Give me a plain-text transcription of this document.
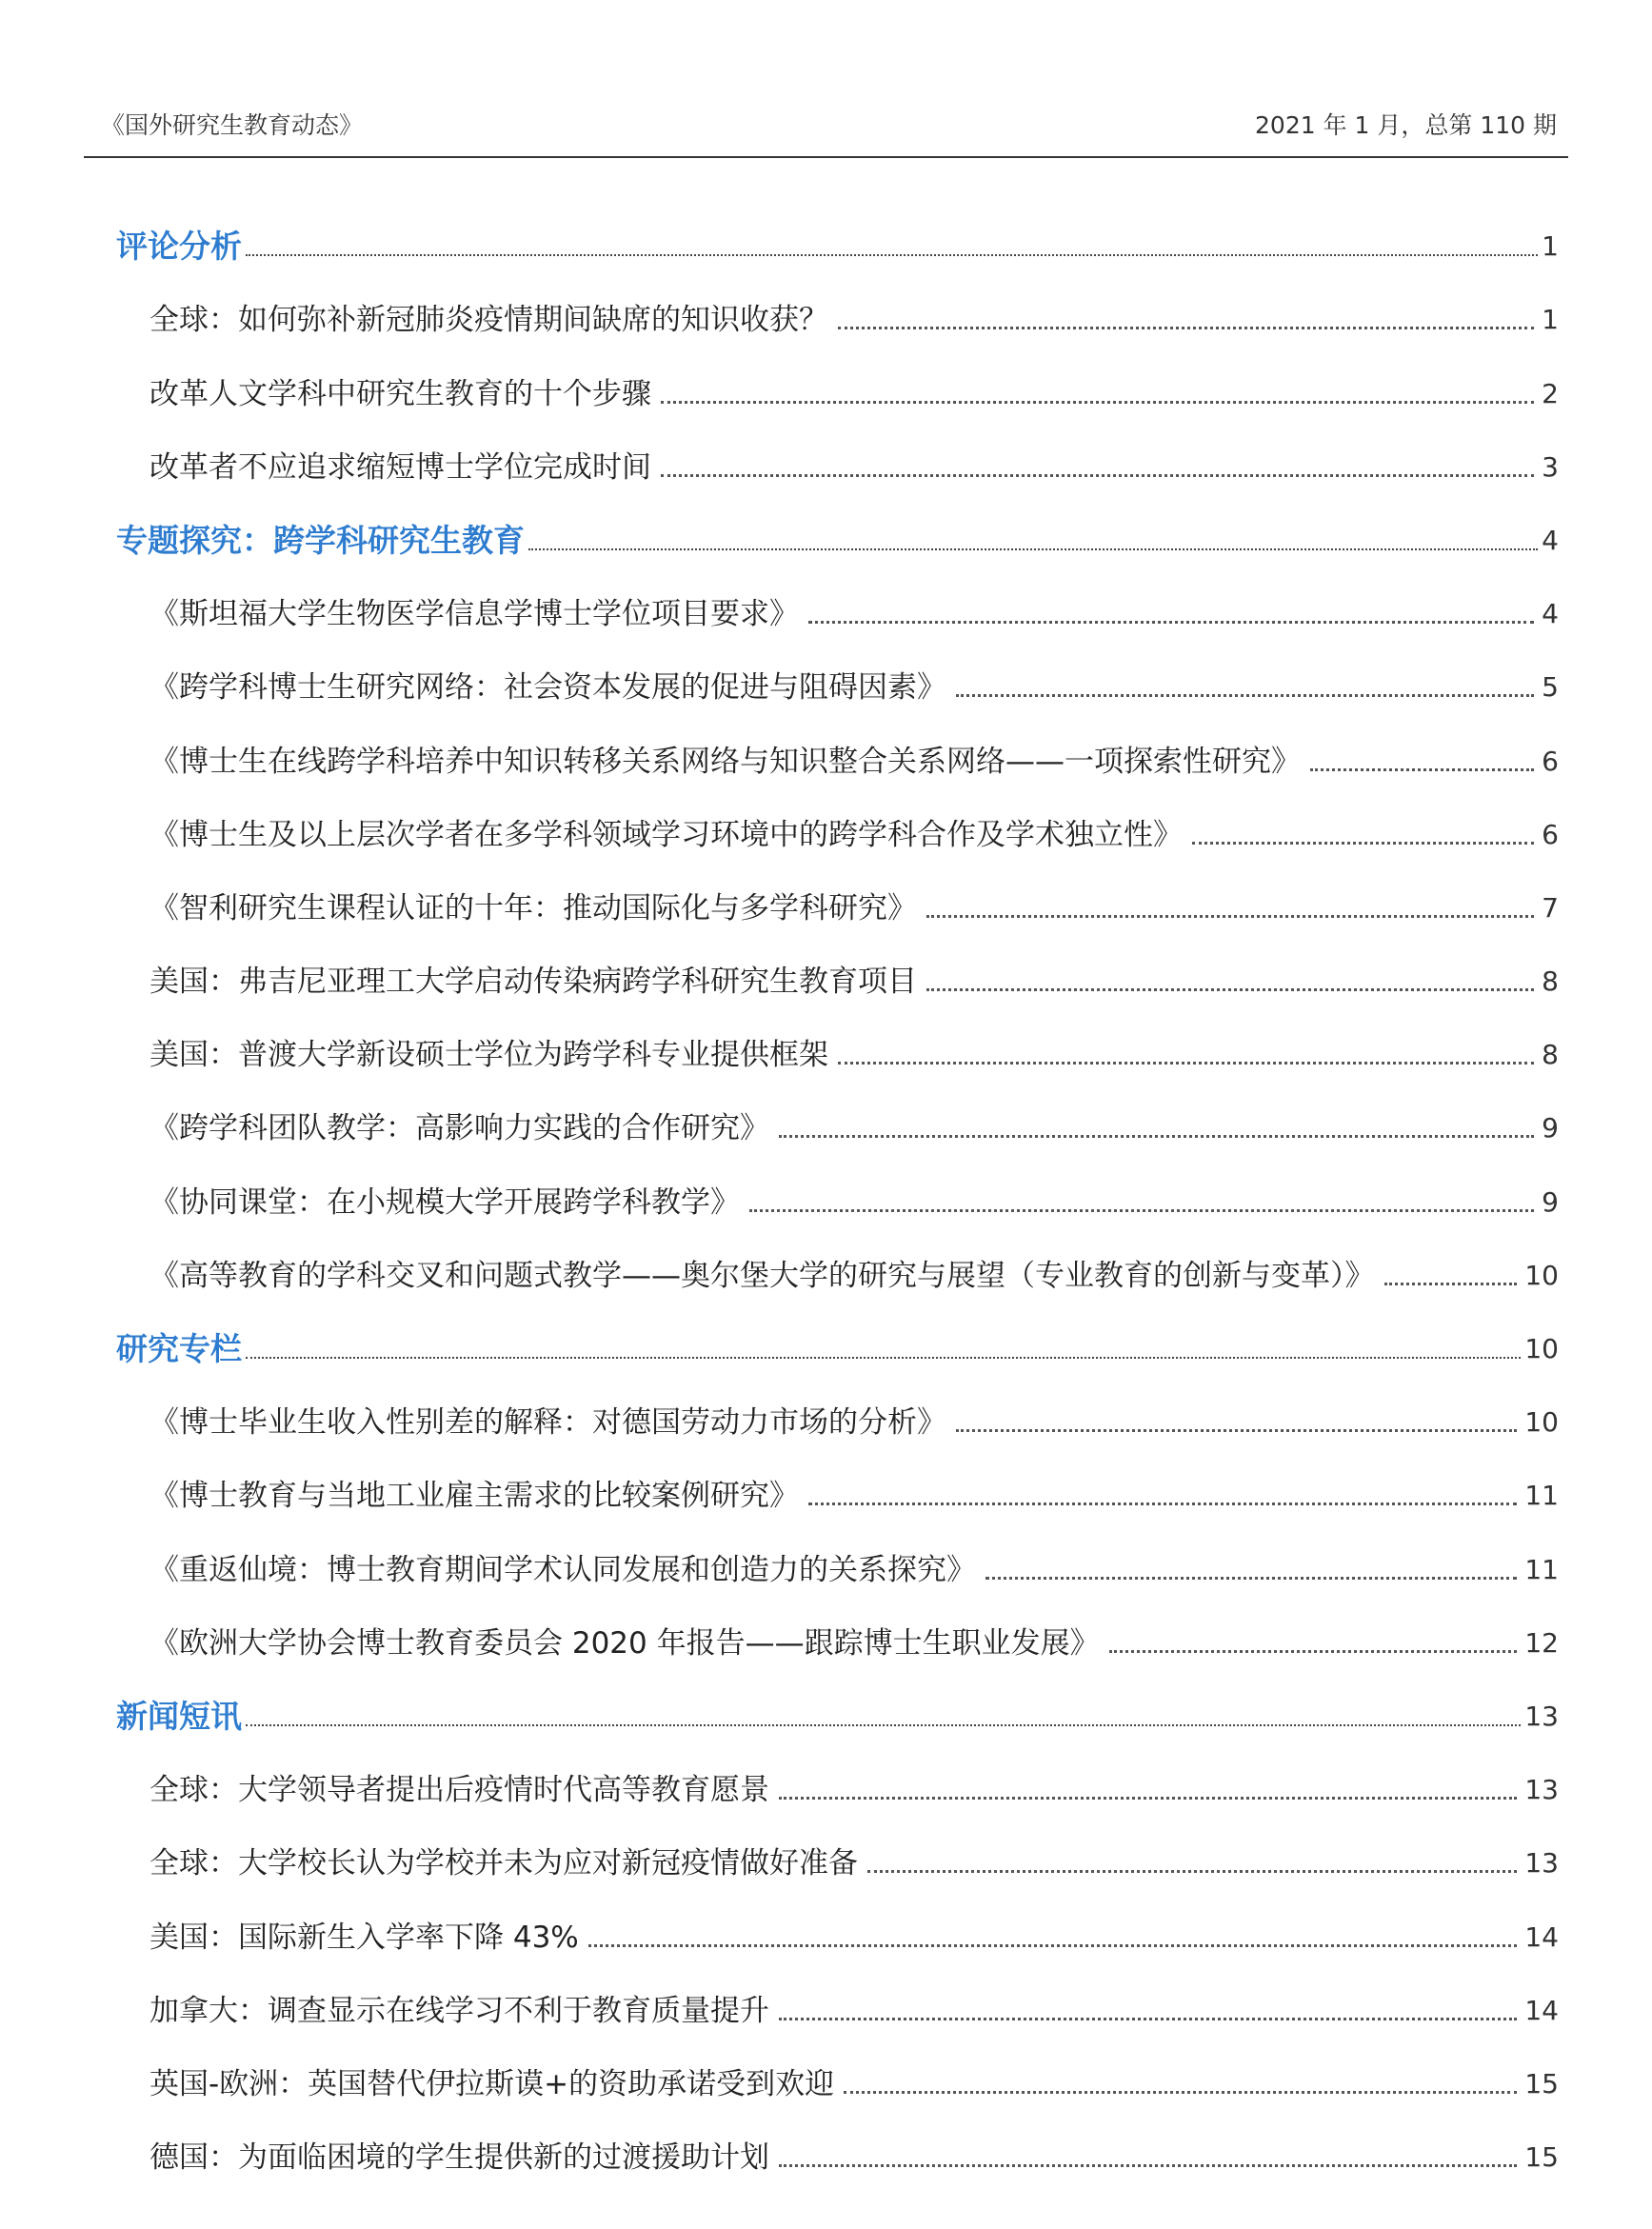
《国外研究生教育动态》	2021 年 1 月，总第 110 期
评论分析	1
全球：如何弥补新冠肺炎疫情期间缺席的知识收获？	1
改革人文学科中研究生教育的十个步骤	2
改革者不应追求缩短博士学位完成时间	3
专题探究：跨学科研究生教育	4
《斯坦福大学生物医学信息学博士学位项目要求》	4
《跨学科博士生研究网络：社会资本发展的促进与阻碍因素》	5
《博士生在线跨学科培养中知识转移关系网络与知识整合关系网络——一项探索性研究》	6
《博士生及以上层次学者在多学科领域学习环境中的跨学科合作及学术独立性》	6
《智利研究生课程认证的十年：推动国际化与多学科研究》	7
美国：弗吉尼亚理工大学启动传染病跨学科研究生教育项目	8
美国：普渡大学新设硕士学位为跨学科专业提供框架	8
《跨学科团队教学：高影响力实践的合作研究》	9
《协同课堂：在小规模大学开展跨学科教学》	9
《高等教育的学科交叉和问题式教学——奥尔堡大学的研究与展望（专业教育的创新与变革）》	10
研究专栏	10
《博士毕业生收入性别差的解释：对德国劳动力市场的分析》	10
《博士教育与当地工业雇主需求的比较案例研究》	11
《重返仙境：博士教育期间学术认同发展和创造力的关系探究》	11
《欧洲大学协会博士教育委员会 2020 年报告——跟踪博士生职业发展》	12
新闻短讯	13
全球：大学领导者提出后疫情时代高等教育愿景	13
全球：大学校长认为学校并未为应对新冠疫情做好准备	13
美国：国际新生入学率下降 43%	14
加拿大：调查显示在线学习不利于教育质量提升	14
英国-欧洲：英国替代伊拉斯谟+的资助承诺受到欢迎	15
德国：为面临困境的学生提供新的过渡援助计划	15
